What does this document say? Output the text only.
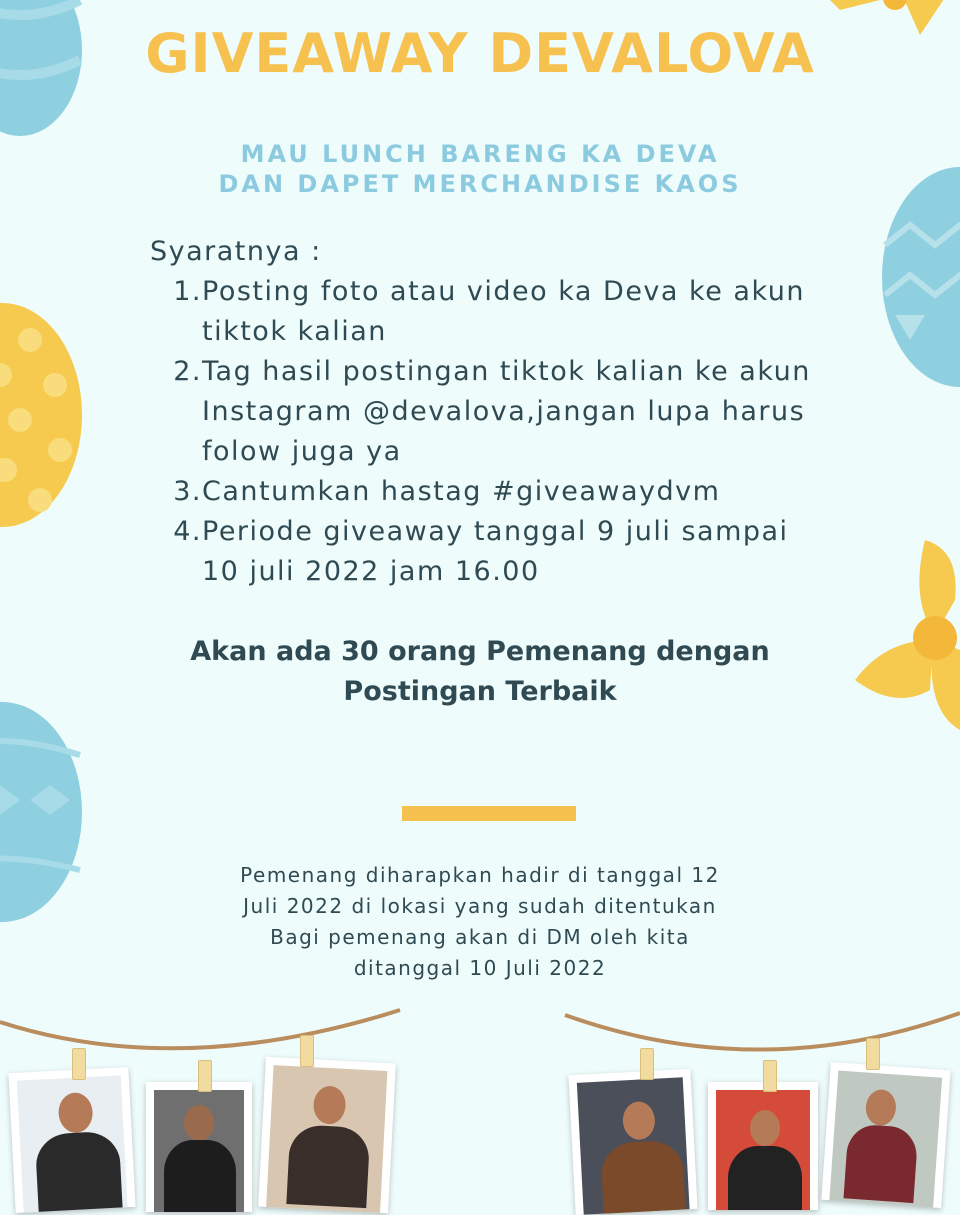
GIVEAWAY DEVALOVA

MAU LUNCH BARENG KA DEVA

DAN DAPET MERCHANDISE KAOS

Syaratnya :
1. Posting foto atau video ka Deva ke akun tiktok kalian
2. Tag hasil postingan tiktok kalian ke akun Instagram @devalova,jangan lupa harus folow juga ya
3. Cantumkan hastag #giveawaydvm
4. Periode giveaway tanggal 9 juli sampai 10 juli 2022 jam 16.00
Akan ada 30 orang Pemenang dengan
Postingan Terbaik
Pemenang diharapkan hadir di tanggal 12
Juli 2022 di lokasi yang sudah ditentukan
Bagi pemenang akan di DM oleh kita
ditanggal 10 Juli 2022
